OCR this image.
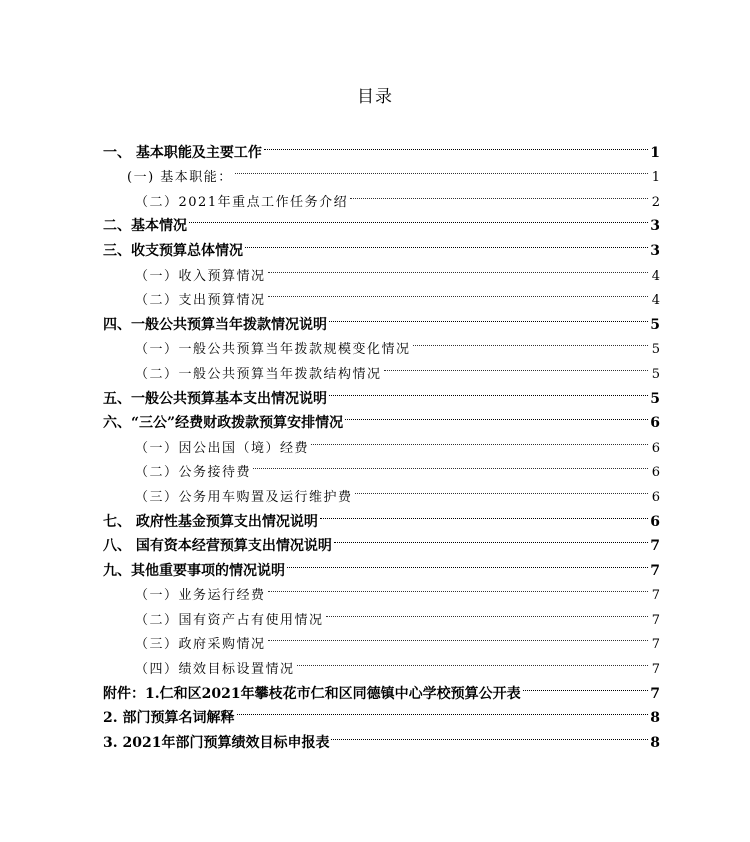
目录
一、 基本职能及主要工作	1
(一) 基本职能：	1
（二）2021年重点工作任务介绍	2
二、基本情况	3
三、收支预算总体情况	3
（一）收入预算情况	4
（二）支出预算情况	4
四、一般公共预算当年拨款情况说明	5
（一）一般公共预算当年拨款规模变化情况	5
（二）一般公共预算当年拨款结构情况	5
五、一般公共预算基本支出情况说明	5
六、“三公”经费财政拨款预算安排情况	6
（一）因公出国（境）经费	6
（二）公务接待费	6
（三）公务用车购置及运行维护费	6
七、 政府性基金预算支出情况说明	6
八、 国有资本经营预算支出情况说明	7
九、其他重要事项的情况说明	7
（一）业务运行经费	7
（二）国有资产占有使用情况	7
（三）政府采购情况	7
（四）绩效目标设置情况	7
附件：1.仁和区2021年攀枝花市仁和区同德镇中心学校预算公开表	7
2. 部门预算名词解释	8
3. 2021年部门预算绩效目标申报表	8
